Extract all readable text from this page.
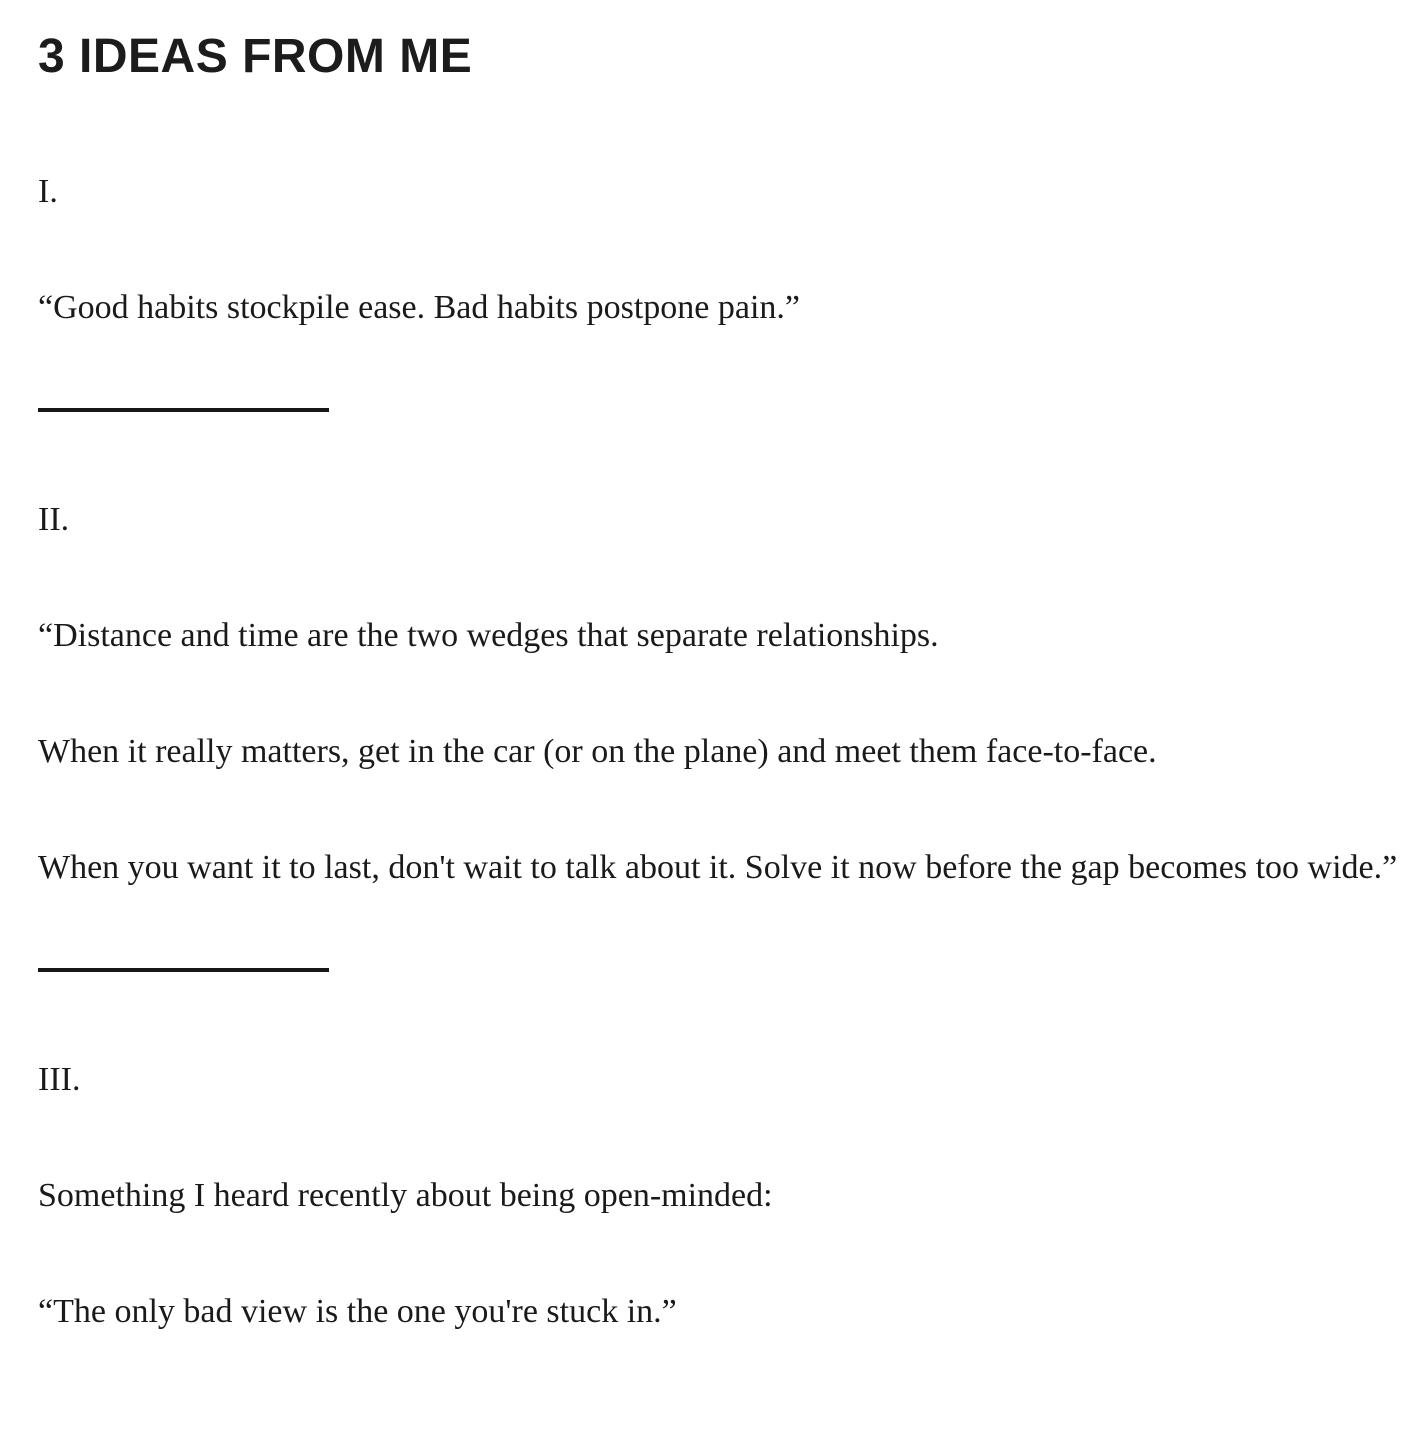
3 IDEAS FROM ME

I.

“Good habits stockpile ease. Bad habits postpone pain.”

II.

“Distance and time are the two wedges that separate relationships.

When it really matters, get in the car (or on the plane) and meet them face-to-face.

When you want it to last, don't wait to talk about it. Solve it now before the gap becomes too wide.”

III.

Something I heard recently about being open-minded:

“The only bad view is the one you're stuck in.”
